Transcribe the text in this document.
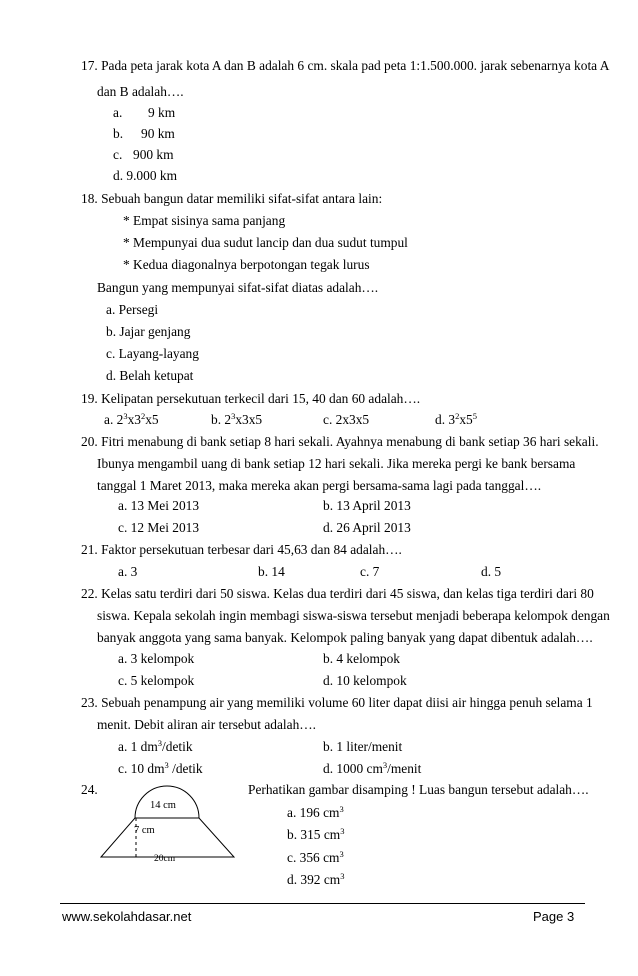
17. Pada peta jarak kota A dan B adalah 6 cm. skala pad peta 1:1.500.000. jarak sebenarnya kota A
dan B adalah….
a. 9 km
b. 90 km
c. 900 km
d. 9.000 km
18. Sebuah bangun datar memiliki sifat-sifat antara lain:
* Empat sisinya sama panjang
* Mempunyai dua sudut lancip dan dua sudut tumpul
* Kedua diagonalnya berpotongan tegak lurus
Bangun yang mempunyai sifat-sifat diatas adalah….
a. Persegi
b. Jajar genjang
c. Layang-layang
d. Belah ketupat
19. Kelipatan persekutuan terkecil dari 15, 40 dan 60 adalah….
a. $2^3x3^2x5$	b. $2^3x3x5$	c. 2x3x5	d. $3^2x5^5$
20. Fitri menabung di bank setiap 8 hari sekali. Ayahnya menabung di bank setiap 36 hari sekali.
Ibunya mengambil uang di bank setiap 12 hari sekali. Jika mereka pergi ke bank bersama
tanggal 1 Maret 2013, maka mereka akan pergi bersama-sama lagi pada tanggal….
a. 13 Mei 2013	b. 13 April 2013
c. 12 Mei 2013	d. 26 April 2013
21. Faktor persekutuan terbesar dari 45,63 dan 84 adalah….
a. 3	b. 14	c. 7	d. 5
22. Kelas satu terdiri dari 50 siswa. Kelas dua terdiri dari 45 siswa, dan kelas tiga terdiri dari 80
siswa. Kepala sekolah ingin membagi siswa-siswa tersebut menjadi beberapa kelompok dengan
banyak anggota yang sama banyak. Kelompok paling banyak yang dapat dibentuk adalah….
a. 3 kelompok	b. 4 kelompok
c. 5 kelompok	d. 10 kelompok
23. Sebuah penampung air yang memiliki volume 60 liter dapat diisi air hingga penuh selama 1
menit. Debit aliran air tersebut adalah….
a. 1 $dm^3$/detik	b. 1 liter/menit
c. 10 $dm^3$ /detik	d. 1000 $cm^3$/menit
24.	Perhatikan gambar disamping ! Luas bangun tersebut adalah….
a. 196 $cm^3$
b. 315 $cm^3$
c. 356 $cm^3$
d. 392 $cm^3$
14 cm
7 cm
20cm
www.sekolahdasar.net	Page 3
